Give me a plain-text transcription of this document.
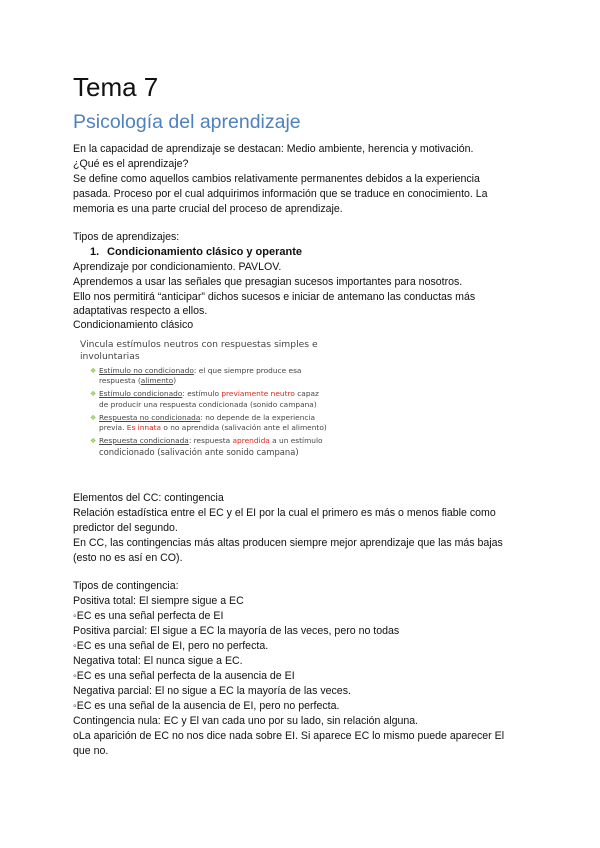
Tema 7
Psicología del aprendizaje
En la capacidad de aprendizaje se destacan: Medio ambiente, herencia y motivación.
¿Qué es el aprendizaje?
Se define como aquellos cambios relativamente permanentes debidos a la experiencia
pasada. Proceso por el cual adquirimos información que se traduce en conocimiento. La
memoria es una parte crucial del proceso de aprendizaje.
Tipos de aprendizajes:
1. Condicionamiento clásico y operante
Aprendizaje por condicionamiento. PAVLOV.
Aprendemos a usar las señales que presagian sucesos importantes para nosotros.
Ello nos permitirá “anticipar” dichos sucesos e iniciar de antemano las conductas más
adaptativas respecto a ellos.
Condicionamiento clásico
Vincula estímulos neutros con respuestas simples e
involuntarias
❖ Estímulo no condicionado: el que siempre produce esa
respuesta (alimento)
❖ Estímulo condicionado: estímulo previamente neutro capaz
de producir una respuesta condicionada (sonido campana)
❖ Respuesta no condicionada: no depende de la experiencia
previa. Es innata o no aprendida (salivación ante el alimento)
❖ Respuesta condicionada: respuesta aprendida a un estímulo
condicionado (salivación ante sonido campana)
Elementos del CC: contingencia
Relación estadística entre el EC y el EI por la cual el primero es más o menos fiable como
predictor del segundo.
En CC, las contingencias más altas producen siempre mejor aprendizaje que las más bajas
(esto no es así en CO).
Tipos de contingencia:
Positiva total: El siempre sigue a EC
◦EC es una señal perfecta de EI
Positiva parcial: El sigue a EC la mayoría de las veces, pero no todas
◦EC es una señal de EI, pero no perfecta.
Negativa total: El nunca sigue a EC.
◦EC es una señal perfecta de la ausencia de EI
Negativa parcial: El no sigue a EC la mayoría de las veces.
◦EC es una señal de la ausencia de EI, pero no perfecta.
Contingencia nula: EC y El van cada uno por su lado, sin relación alguna.
oLa aparición de EC no nos dice nada sobre EI. Si aparece EC lo mismo puede aparecer El
que no.
